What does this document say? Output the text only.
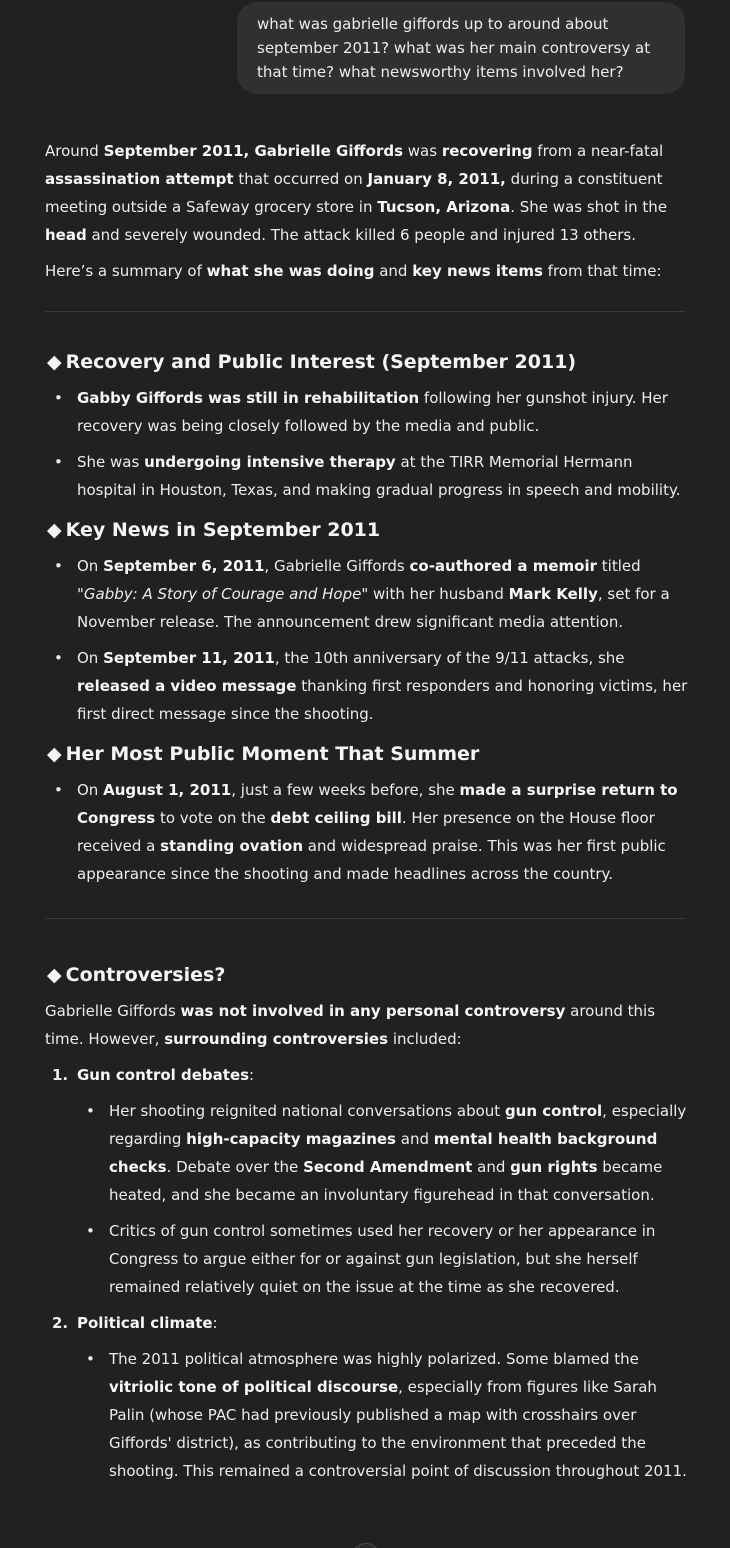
what was gabrielle giffords up to around about september 2011? what was her main controversy at that time? what newsworthy items involved her?

Around September 2011, Gabrielle Giffords was recovering from a near-fatal assassination attempt that occurred on January 8, 2011, during a constituent meeting outside a Safeway grocery store in Tucson, Arizona. She was shot in the head and severely wounded. The attack killed 6 people and injured 13 others.

Here’s a summary of what she was doing and key news items from that time:

◆ Recovery and Public Interest (September 2011)
• Gabby Giffords was still in rehabilitation following her gunshot injury. Her recovery was being closely followed by the media and public.
• She was undergoing intensive therapy at the TIRR Memorial Hermann hospital in Houston, Texas, and making gradual progress in speech and mobility.
◆ Key News in September 2011
• On September 6, 2011, Gabrielle Giffords co-authored a memoir titled "Gabby: A Story of Courage and Hope" with her husband Mark Kelly, set for a November release. The announcement drew significant media attention.
• On September 11, 2011, the 10th anniversary of the 9/11 attacks, she released a video message thanking first responders and honoring victims, her first direct message since the shooting.
◆ Her Most Public Moment That Summer
• On August 1, 2011, just a few weeks before, she made a surprise return to Congress to vote on the debt ceiling bill. Her presence on the House floor received a standing ovation and widespread praise. This was her first public appearance since the shooting and made headlines across the country.
◆ Controversies?

Gabrielle Giffords was not involved in any personal controversy around this time. However, surrounding controversies included:

1. Gun control debates:
• Her shooting reignited national conversations about gun control, especially regarding high-capacity magazines and mental health background checks. Debate over the Second Amendment and gun rights became heated, and she became an involuntary figurehead in that conversation.
• Critics of gun control sometimes used her recovery or her appearance in Congress to argue either for or against gun legislation, but she herself remained relatively quiet on the issue at the time as she recovered.
2. Political climate:
• The 2011 political atmosphere was highly polarized. Some blamed the vitriolic tone of political discourse, especially from figures like Sarah Palin (whose PAC had previously published a map with crosshairs over Giffords' district), as contributing to the environment that preceded the shooting. This remained a controversial point of discussion throughout 2011.
